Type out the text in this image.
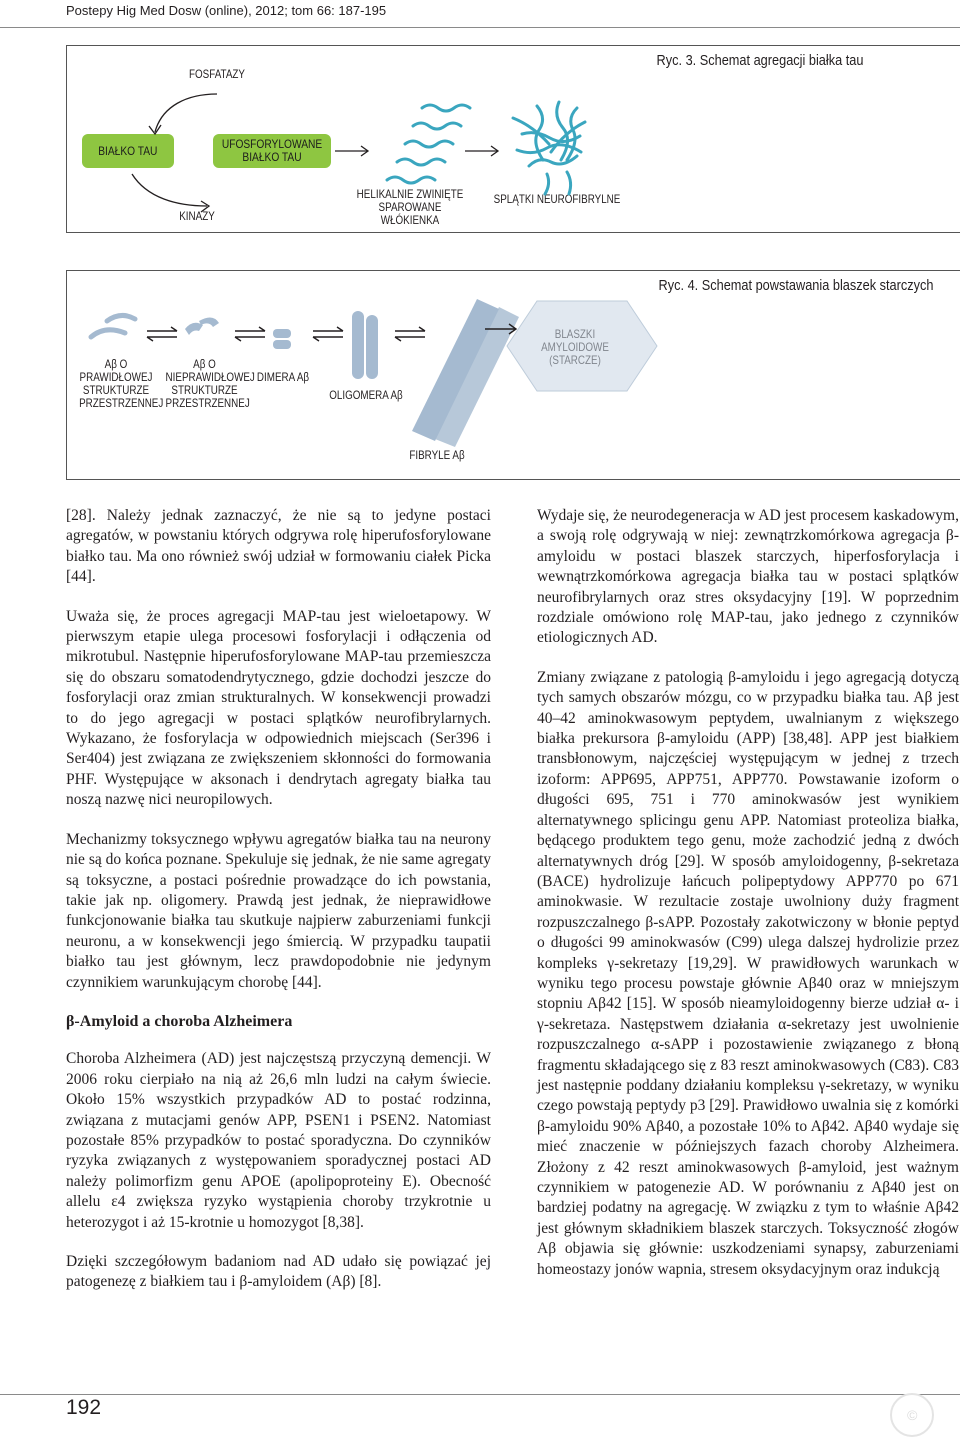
Postepy Hig Med Dosw (online), 2012; tom 66: 187-195
Ryc. 3. Schemat agregacji białka tau
FOSFATAZY
BIAŁKO TAU	UFOSFORYLOWANE BIAŁKO TAU
KINAZY
HELIKALNIE ZWINIĘTE SPAROWANE WŁÓKIENKA
SPLĄTKI NEUROFIBRYLNE
Ryc. 4. Schemat powstawania blaszek starczych
Aβ O PRAWIDŁOWEJ STRUKTURZE PRZESTRZENNEJ
Aβ O NIEPRAWIDŁOWEJ STRUKTURZE PRZESTRZENNEJ
DIMERA Aβ
OLIGOMERA Aβ
FIBRYLE Aβ

[28]. Należy jednak zaznaczyć, że nie są to jedyne postaci agregatów, w powstaniu których odgrywa rolę hiperufosforylowane białko tau. Ma ono również swój udział w formowaniu ciałek Picka [44].

Uważa się, że proces agregacji MAP-tau jest wieloetapowy. W pierwszym etapie ulega procesowi fosforylacji i odłączenia od mikrotubul. Następnie hiperufosforylowane MAP-tau przemieszcza się do obszaru somatodendrytycznego, gdzie dochodzi jeszcze do fosforylacji oraz zmian strukturalnych. W konsekwencji prowadzi to do jego agregacji w postaci splątków neurofibrylarnych. Wykazano, że fosforylacja w odpowiednich miejscach (Ser396 i Ser404) jest związana ze zwiększeniem skłonności do formowania PHF. Występujące w aksonach i dendrytach agregaty białka tau noszą nazwę nici neuropilowych.

Mechanizmy toksycznego wpływu agregatów białka tau na neurony nie są do końca poznane. Spekuluje się jednak, że nie same agregaty są toksyczne, a postaci pośrednie prowadzące do ich powstania, takie jak np. oligomery. Prawdą jest jednak, że nieprawidłowe funkcjonowanie białka tau skutkuje najpierw zaburzeniami funkcji neuronu, a w konsekwencji jego śmiercią. W przypadku taupatii białko tau jest głównym, lecz prawdopodobnie nie jedynym czynnikiem warunkującym chorobę [44].

β-Amyloid a choroba Alzheimera

Choroba Alzheimera (AD) jest najczęstszą przyczyną demencji. W 2006 roku cierpiało na nią aż 26,6 mln ludzi na całym świecie. Około 15% wszystkich przypadków AD to postać rodzinna, związana z mutacjami genów APP, PSEN1 i PSEN2. Natomiast pozostałe 85% przypadków to postać sporadyczna. Do czynników ryzyka związanych z występowaniem sporadycznej postaci AD należy polimorfizm genu APOE (apolipoproteiny E). Obecność allelu ε4 zwiększa ryzyko wystąpienia choroby trzykrotnie u heterozygot i aż 15-krotnie u homozygot [8,38].

Dzięki szczegółowym badaniom nad AD udało się powiązać jej patogenezę z białkiem tau i β-amyloidem (Aβ) [8].

Wydaje się, że neurodegeneracja w AD jest procesem kaskadowym, a swoją rolę odgrywają w niej: zewnątrzkomórkowa agregacja β-amyloidu w postaci blaszek starczych, hiperfosforylacja i wewnątrzkomórkowa agregacja białka tau w postaci splątków neurofibrylarnych oraz stres oksydacyjny [19]. W poprzednim rozdziale omówiono rolę MAP-tau, jako jednego z czynników etiologicznych AD.

Zmiany związane z patologią β-amyloidu i jego agregacją dotyczą tych samych obszarów mózgu, co w przypadku białka tau. Aβ jest 40–42 aminokwasowym peptydem, uwalnianym z większego białka prekursora β-amyloidu (APP) [38,48]. APP jest białkiem transbłonowym, najczęściej występującym w jednej z trzech izoform: APP695, APP751, APP770. Powstawanie izoform o długości 695, 751 i 770 aminokwasów jest wynikiem alternatywnego splicingu genu APP. Natomiast proteoliza białka, będącego produktem tego genu, może zachodzić jedną z dwóch alternatywnych dróg [29]. W sposób amyloidogenny, β-sekretaza (BACE) hydrolizuje łańcuch polipeptydowy APP770 po 671 aminokwasie. W rezultacie zostaje uwolniony duży fragment rozpuszczalnego β-sAPP. Pozostały zakotwiczony w błonie peptyd o długości 99 aminokwasów (C99) ulega dalszej hydrolizie przez kompleks γ-sekretazy [19,29]. W prawidłowych warunkach w wyniku tego procesu powstaje głównie Aβ40 oraz w mniejszym stopniu Aβ42 [15]. W sposób nieamyloidogenny bierze udział α- i γ-sekretaza. Następstwem działania α-sekretazy jest uwolnienie rozpuszczalnego α-sAPP i pozostawienie związanego z błoną fragmentu składającego się z 83 reszt aminokwasowych (C83). C83 jest następnie poddany działaniu kompleksu γ-sekretazy, w wyniku czego powstają peptydy p3 [29]. Prawidłowo uwalnia się z komórki β-amyloidu 90% Aβ40, a pozostałe 10% to Aβ42. Aβ40 wydaje się mieć znaczenie w późniejszych fazach choroby Alzheimera. Złożony z 42 reszt aminokwasowych β-amyloid, jest ważnym czynnikiem w patogenezie AD. W porównaniu z Aβ40 jest on bardziej podatny na agregację. W związku z tym to właśnie Aβ42 jest głównym składnikiem blaszek starczych. Toksyczność złogów Aβ objawia się głównie: uszkodzeniami synapsy, zaburzeniami homeostazy jonów wapnia, stresem oksydacyjnym oraz indukcją

192	©
